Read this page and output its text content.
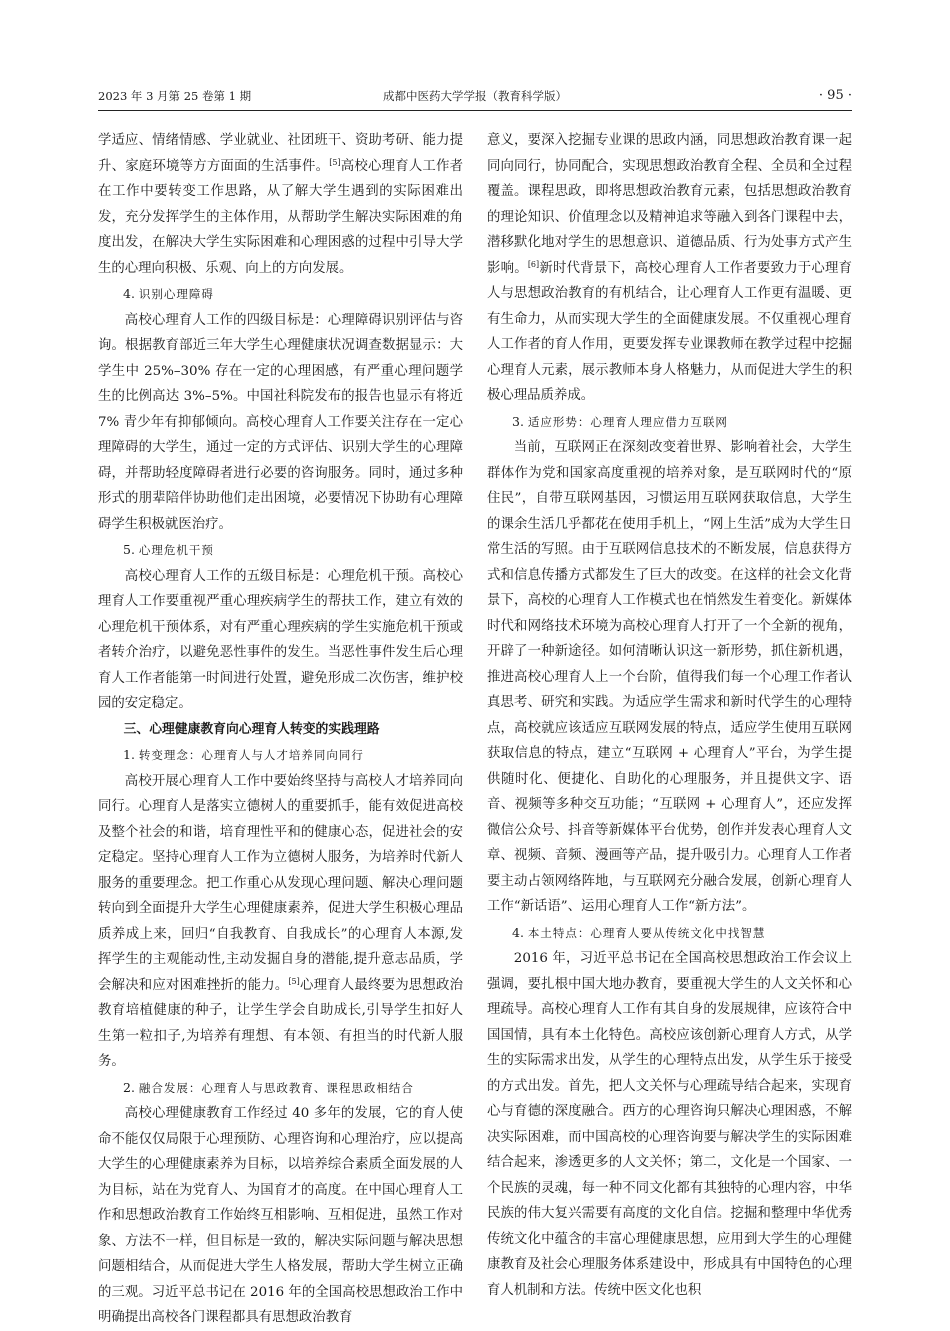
2023 年 3 月第 25 卷第 1 期	成都中医药大学学报（教育科学版）	· 95 ·

学适应、情绪情感、学业就业、社团班干、资助考研、能力提升、家庭环境等方方面面的生活事件。[5]高校心理育人工作者在工作中要转变工作思路，从了解大学生遇到的实际困难出发，充分发挥学生的主体作用，从帮助学生解决实际困难的角度出发，在解决大学生实际困难和心理困惑的过程中引导大学生的心理向积极、乐观、向上的方向发展。

4. 识别心理障碍

高校心理育人工作的四级目标是：心理障碍识别评估与咨询。根据教育部近三年大学生心理健康状况调查数据显示：大学生中 25%–30% 存在一定的心理困感，有严重心理问题学生的比例高达 3%–5%。中国社科院发布的报告也显示有将近 7% 青少年有抑郁倾向。高校心理育人工作要关注存在一定心理障碍的大学生，通过一定的方式评估、识别大学生的心理障碍，并帮助轻度障碍者进行必要的咨询服务。同时，通过多种形式的朋辈陪伴协助他们走出困境，必要情况下协助有心理障碍学生积极就医治疗。

5. 心理危机干预

高校心理育人工作的五级目标是：心理危机干预。高校心理育人工作要重视严重心理疾病学生的帮扶工作，建立有效的心理危机干预体系，对有严重心理疾病的学生实施危机干预或者转介治疗，以避免恶性事件的发生。当恶性事件发生后心理育人工作者能第一时间进行处置，避免形成二次伤害，维护校园的安定稳定。

三、心理健康教育向心理育人转变的实践理路

1. 转变理念：心理育人与人才培养同向同行

高校开展心理育人工作中要始终坚持与高校人才培养同向同行。心理育人是落实立德树人的重要抓手，能有效促进高校及整个社会的和谐，培育理性平和的健康心态，促进社会的安定稳定。坚持心理育人工作为立德树人服务，为培养时代新人服务的重要理念。把工作重心从发现心理问题、解决心理问题转向到全面提升大学生心理健康素养，促进大学生积极心理品质养成上来，回归“自我教育、自我成长”的心理育人本源,发挥学生的主观能动性,主动发掘自身的潜能,提升意志品质，学会解决和应对困难挫折的能力。[5]心理育人最终要为思想政治教育培植健康的种子，让学生学会自助成长,引导学生扣好人生第一粒扣子,为培养有理想、有本领、有担当的时代新人服务。

2. 融合发展：心理育人与思政教育、课程思政相结合

高校心理健康教育工作经过 40 多年的发展，它的育人使命不能仅仅局限于心理预防、心理咨询和心理治疗，应以提高大学生的心理健康素养为目标，以培养综合素质全面发展的人为目标，站在为党育人、为国育才的高度。在中国心理育人工作和思想政治教育工作始终互相影响、互相促进，虽然工作对象、方法不一样，但目标是一致的，解决实际问题与解决思想问题相结合，从而促进大学生人格发展，帮助大学生树立正确的三观。习近平总书记在 2016 年的全国高校思想政治工作中明确提出高校各门课程都具有思想政治教育

意义，要深入挖掘专业课的思政内涵，同思想政治教育课一起同向同行，协同配合，实现思想政治教育全程、全员和全过程覆盖。课程思政，即将思想政治教育元素，包括思想政治教育的理论知识、价值理念以及精神追求等融入到各门课程中去，潜移默化地对学生的思想意识、道德品质、行为处事方式产生影响。[6]新时代背景下，高校心理育人工作者要致力于心理育人与思想政治教育的有机结合，让心理育人工作更有温暖、更有生命力，从而实现大学生的全面健康发展。不仅重视心理育人工作者的育人作用，更要发挥专业课教师在教学过程中挖掘心理育人元素，展示教师本身人格魅力，从而促进大学生的积极心理品质养成。

3. 适应形势：心理育人理应借力互联网

当前，互联网正在深刻改变着世界、影响着社会，大学生群体作为党和国家高度重视的培养对象，是互联网时代的“原住民”，自带互联网基因，习惯运用互联网获取信息，大学生的课余生活几乎都花在使用手机上，“网上生活”成为大学生日常生活的写照。由于互联网信息技术的不断发展，信息获得方式和信息传播方式都发生了巨大的改变。在这样的社会文化背景下，高校的心理育人工作模式也在悄然发生着变化。新媒体时代和网络技术环境为高校心理育人打开了一个全新的视角，开辟了一种新途径。如何清晰认识这一新形势，抓住新机遇，推进高校心理育人上一个台阶，值得我们每一个心理工作者认真思考、研究和实践。为适应学生需求和新时代学生的心理特点，高校就应该适应互联网发展的特点，适应学生使用互联网获取信息的特点，建立“互联网 + 心理育人”平台，为学生提供随时化、便捷化、自助化的心理服务，并且提供文字、语音、视频等多种交互功能；“互联网 + 心理育人”，还应发挥微信公众号、抖音等新媒体平台优势，创作并发表心理育人文章、视频、音频、漫画等产品，提升吸引力。心理育人工作者要主动占领网络阵地，与互联网充分融合发展，创新心理育人工作“新话语”、运用心理育人工作“新方法”。

4. 本土特点：心理育人要从传统文化中找智慧

2016 年，习近平总书记在全国高校思想政治工作会议上强调，要扎根中国大地办教育，要重视大学生的人文关怀和心理疏导。高校心理育人工作有其自身的发展规律，应该符合中国国情，具有本土化特色。高校应该创新心理育人方式，从学生的实际需求出发，从学生的心理特点出发，从学生乐于接受的方式出发。首先，把人文关怀与心理疏导结合起来，实现育心与育德的深度融合。西方的心理咨询只解决心理困惑，不解决实际困难，而中国高校的心理咨询要与解决学生的实际困难结合起来，渗透更多的人文关怀；第二，文化是一个国家、一个民族的灵魂，每一种不同文化都有其独特的心理内容，中华民族的伟大复兴需要有高度的文化自信。挖掘和整理中华优秀传统文化中蕴含的丰富心理健康思想，应用到大学生的心理健康教育及社会心理服务体系建设中，形成具有中国特色的心理育人机制和方法。传统中医文化也积
